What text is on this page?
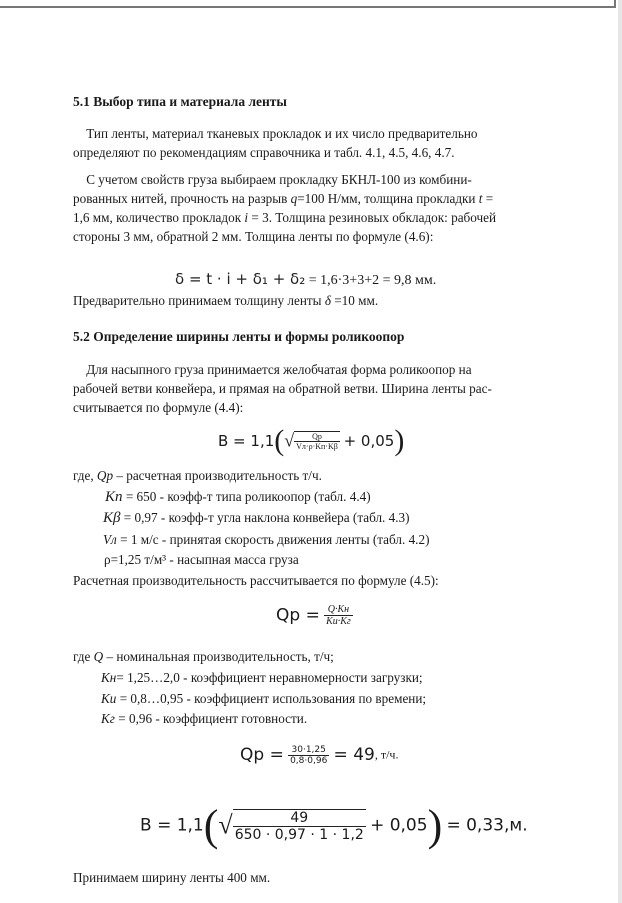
5.1 Выбор типа и материала ленты
 Тип ленты, материал тканевых прокладок и их число предварительно
определяют по рекомендациям справочника и табл. 4.1, 4.5, 4.6, 4.7.
 С учетом свойств груза выбираем прокладку БКНЛ-100 из комбини-
рованных нитей, прочность на разрыв q=100 Н/мм, толщина прокладки t =
1,6 мм, количество прокладок i = 3. Толщина резиновых обкладок: рабочей
стороны 3 мм, обратной 2 мм. Толщина ленты по формуле (4.6):
δ = t · i + δ₁ + δ₂ = 1,6·3+3+2 = 9,8 мм.
Предварительно принимаем толщину ленты δ =10 мм.
5.2 Определение ширины ленты и формы роликоопор
 Для насыпного груза принимается желобчатая форма роликоопор на
рабочей ветви конвейера, и прямая на обратной ветви. Ширина ленты рас-
считывается по формуле (4.4):
$B = 1,1(√ \frac{Qр}{Vл\cdot\rho\cdot Kп\cdot K\beta} + 0,05)$
где, Qр – расчетная производительность т/ч.
Kп = 650 - коэфф-т типа роликоопор (табл. 4.4)
Kβ = 0,97 - коэфф-т угла наклона конвейера (табл. 4.3)
Vл = 1 м/с - принятая скорость движения ленты (табл. 4.2)
ρ=1,25 т/м³ - насыпная масса груза
Расчетная производительность рассчитывается по формуле (4.5):
Qр = $\frac{Q\cdot Kн}{Kи\cdot Kг}$
где Q – номинальная производительность, т/ч;
Kн= 1,25…2,0 - коэффициент неравномерности загрузки;
Kи = 0,8…0,95 - коэффициент использования по времени;
Kг = 0,96 - коэффициент готовности.
Qр = $\frac{30\cdot 1,25}{0,8\cdot 0,96} = 49$, т/ч.
$B = 1,1(√ \frac{49}{650 \cdot 0,97 \cdot 1 \cdot 1,2} + 0,05) = 0,33,м$.
Принимаем ширину ленты 400 мм.
